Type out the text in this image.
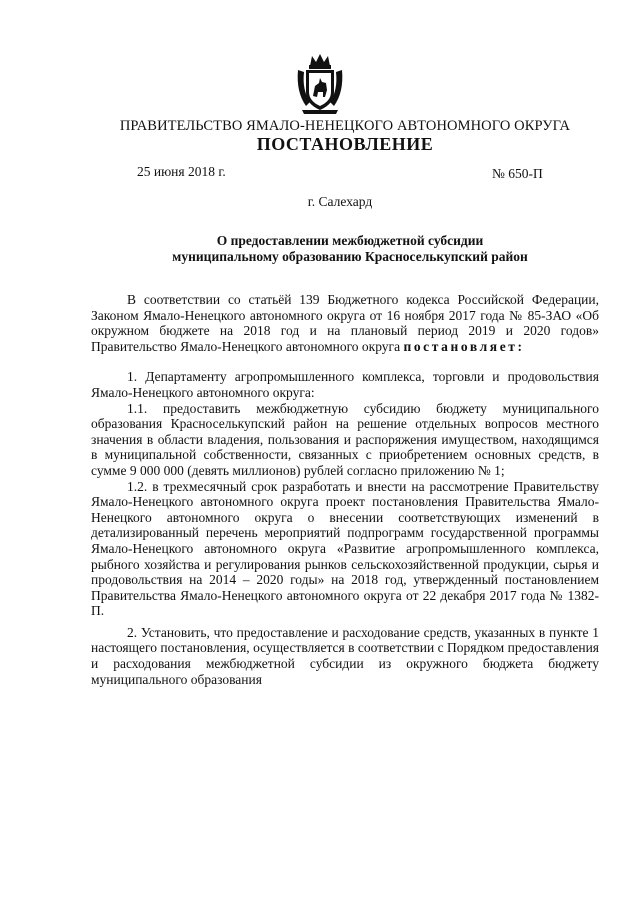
ПРАВИТЕЛЬСТВО ЯМАЛО-НЕНЕЦКОГО АВТОНОМНОГО ОКРУГА
ПОСТАНОВЛЕНИЕ
25 июня 2018 г.	№ 650-П
г. Салехард
О предоставлении межбюджетной субсидии
муниципальному образованию Красноселькупский район

В соответствии со статьёй 139 Бюджетного кодекса Российской Федерации, Законом Ямало-Ненецкого автономного округа от 16 ноября 2017 года № 85-ЗАО «Об окружном бюджете на 2018 год и на плановый период 2019 и 2020 годов» Правительство Ямало-Ненецкого автономного округа постановляет:

1. Департаменту агропромышленного комплекса, торговли и продовольствия Ямало-Ненецкого автономного округа:

1.1. предоставить межбюджетную субсидию бюджету муниципального образования Красноселькупский район на решение отдельных вопросов местного значения в области владения, пользования и распоряжения имуществом, находящимся в муниципальной собственности, связанных с приобретением основных средств, в сумме 9 000 000 (девять миллионов) рублей согласно приложению № 1;

1.2. в трехмесячный срок разработать и внести на рассмотрение Правительству Ямало-Ненецкого автономного округа проект постановления Правительства Ямало-Ненецкого автономного округа о внесении соответствующих изменений в детализированный перечень мероприятий подпрограмм государственной программы Ямало-Ненецкого автономного округа «Развитие агропромышленного комплекса, рыбного хозяйства и регулирования рынков сельскохозяйственной продукции, сырья и продовольствия на 2014 – 2020 годы» на 2018 год, утвержденный постановлением Правительства Ямало-Ненецкого автономного округа от 22 декабря 2017 года № 1382-П.

2. Установить, что предоставление и расходование средств, указанных в пункте 1 настоящего постановления, осуществляется в соответствии с Порядком предоставления и расходования межбюджетной субсидии из окружного бюджета бюджету муниципального образования
